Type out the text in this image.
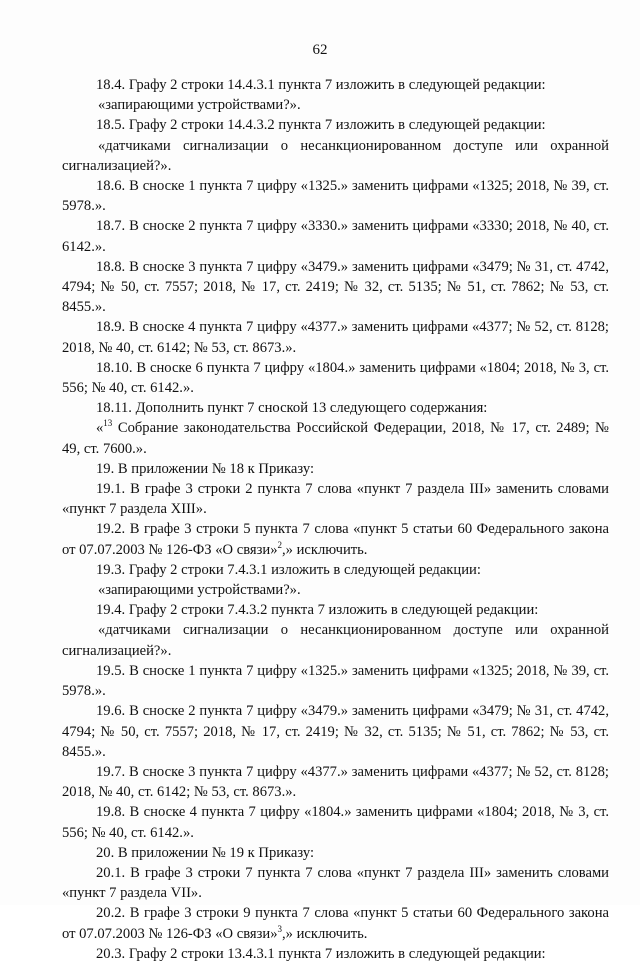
62

18.4. Графу 2 строки 14.4.3.1 пункта 7 изложить в следующей редакции:

«запирающими устройствами?».

18.5. Графу 2 строки 14.4.3.2 пункта 7 изложить в следующей редакции:

«датчиками сигнализации о несанкционированном доступе или охранной сигнализацией?».

18.6. В сноске 1 пункта 7 цифру «1325.» заменить цифрами «1325; 2018, № 39, ст. 5978.».

18.7. В сноске 2 пункта 7 цифру «3330.» заменить цифрами «3330; 2018, № 40, ст. 6142.».

18.8. В сноске 3 пункта 7 цифру «3479.» заменить цифрами «3479; № 31, ст. 4742, 4794; № 50, ст. 7557; 2018, № 17, ст. 2419; № 32, ст. 5135; № 51, ст. 7862; № 53, ст. 8455.».

18.9. В сноске 4 пункта 7 цифру «4377.» заменить цифрами «4377; № 52, ст. 8128; 2018, № 40, ст. 6142; № 53, ст. 8673.».

18.10. В сноске 6 пункта 7 цифру «1804.» заменить цифрами «1804; 2018, № 3, ст. 556; № 40, ст. 6142.».

18.11. Дополнить пункт 7 сноской 13 следующего содержания:

«$^{13}$ Собрание законодательства Российской Федерации, 2018, № 17, ст. 2489; № 49, ст. 7600.».

19. В приложении № 18 к Приказу:

19.1. В графе 3 строки 2 пункта 7 слова «пункт 7 раздела III» заменить словами «пункт 7 раздела XIII».

19.2. В графе 3 строки 5 пункта 7 слова «пункт 5 статьи 60 Федерального закона от 07.07.2003 № 126-ФЗ «О связи»$^2$,» исключить.

19.3. Графу 2 строки 7.4.3.1 изложить в следующей редакции:

«запирающими устройствами?».

19.4. Графу 2 строки 7.4.3.2 пункта 7 изложить в следующей редакции:

«датчиками сигнализации о несанкционированном доступе или охранной сигнализацией?».

19.5. В сноске 1 пункта 7 цифру «1325.» заменить цифрами «1325; 2018, № 39, ст. 5978.».

19.6. В сноске 2 пункта 7 цифру «3479.» заменить цифрами «3479; № 31, ст. 4742, 4794; № 50, ст. 7557; 2018, № 17, ст. 2419; № 32, ст. 5135; № 51, ст. 7862; № 53, ст. 8455.».

19.7. В сноске 3 пункта 7 цифру «4377.» заменить цифрами «4377; № 52, ст. 8128; 2018, № 40, ст. 6142; № 53, ст. 8673.».

19.8. В сноске 4 пункта 7 цифру «1804.» заменить цифрами «1804; 2018, № 3, ст. 556; № 40, ст. 6142.».

20. В приложении № 19 к Приказу:

20.1. В графе 3 строки 7 пункта 7 слова «пункт 7 раздела III» заменить словами «пункт 7 раздела VII».

20.2. В графе 3 строки 9 пункта 7 слова «пункт 5 статьи 60 Федерального закона от 07.07.2003 № 126-ФЗ «О связи»$^3$,» исключить.

20.3. Графу 2 строки 13.4.3.1 пункта 7 изложить в следующей редакции:
